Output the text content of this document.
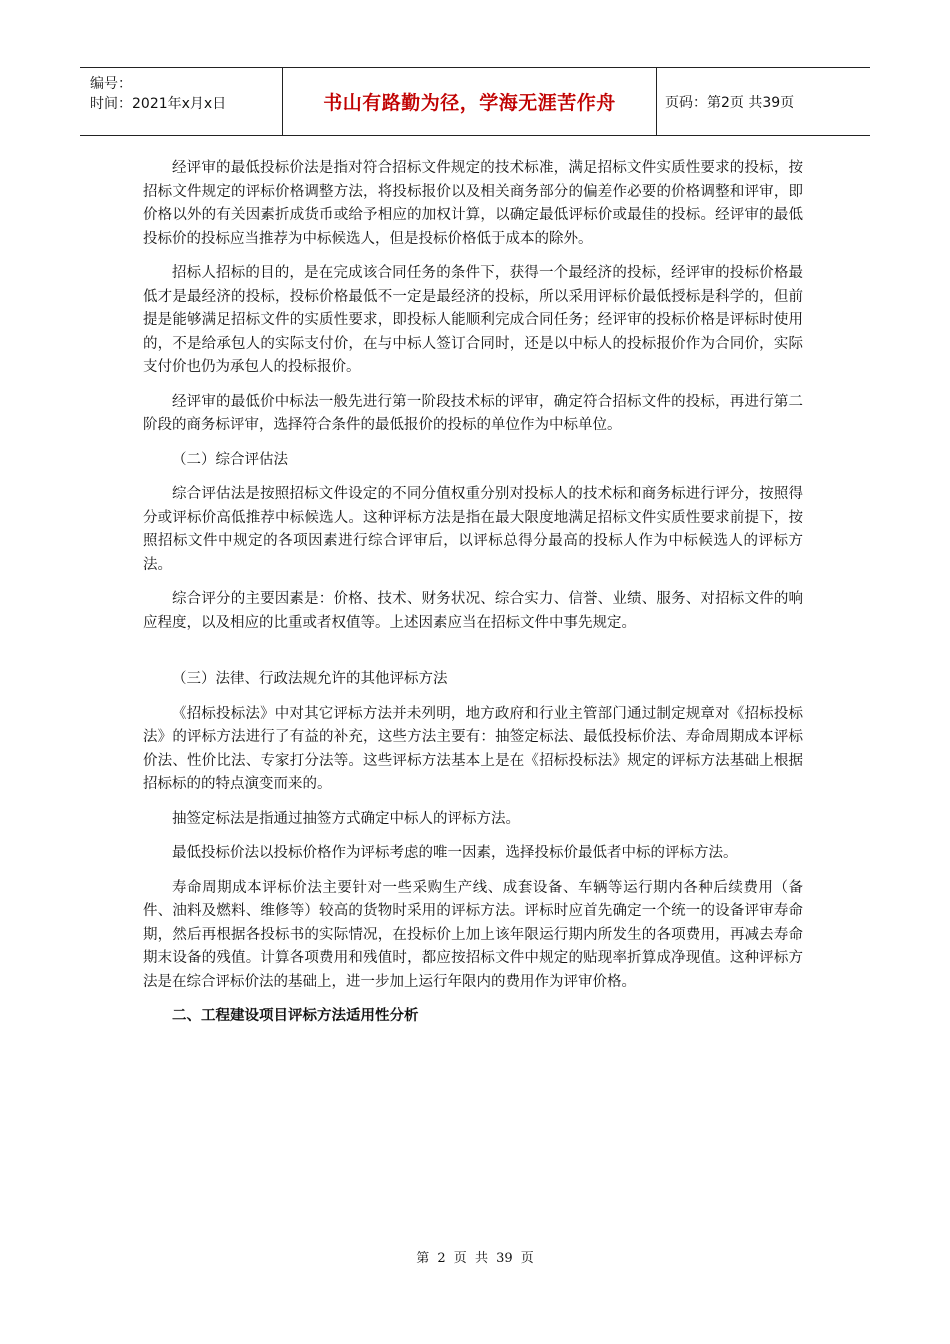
编号：
时间：2021年x月x日	书山有路勤为径，学海无涯苦作舟	页码：第2页 共39页

经评审的最低投标价法是指对符合招标文件规定的技术标准，满足招标文件实质性要求的投标，按招标文件规定的评标价格调整方法，将投标报价以及相关商务部分的偏差作必要的价格调整和评审，即价格以外的有关因素折成货币或给予相应的加权计算，以确定最低评标价或最佳的投标。经评审的最低投标价的投标应当推荐为中标候选人，但是投标价格低于成本的除外。

招标人招标的目的，是在完成该合同任务的条件下，获得一个最经济的投标，经评审的投标价格最低才是最经济的投标，投标价格最低不一定是最经济的投标，所以采用评标价最低授标是科学的，但前提是能够满足招标文件的实质性要求，即投标人能顺利完成合同任务；经评审的投标价格是评标时使用的，不是给承包人的实际支付价，在与中标人签订合同时，还是以中标人的投标报价作为合同价，实际支付价也仍为承包人的投标报价。

经评审的最低价中标法一般先进行第一阶段技术标的评审，确定符合招标文件的投标，再进行第二阶段的商务标评审，选择符合条件的最低报价的投标的单位作为中标单位。

（二）综合评估法

综合评估法是按照招标文件设定的不同分值权重分别对投标人的技术标和商务标进行评分，按照得分或评标价高低推荐中标候选人。这种评标方法是指在最大限度地满足招标文件实质性要求前提下，按照招标文件中规定的各项因素进行综合评审后，以评标总得分最高的投标人作为中标候选人的评标方法。

综合评分的主要因素是：价格、技术、财务状况、综合实力、信誉、业绩、服务、对招标文件的响应程度，以及相应的比重或者权值等。上述因素应当在招标文件中事先规定。

（三）法律、行政法规允许的其他评标方法

《招标投标法》中对其它评标方法并未列明，地方政府和行业主管部门通过制定规章对《招标投标法》的评标方法进行了有益的补充，这些方法主要有：抽签定标法、最低投标价法、寿命周期成本评标价法、性价比法、专家打分法等。这些评标方法基本上是在《招标投标法》规定的评标方法基础上根据招标标的的特点演变而来的。

抽签定标法是指通过抽签方式确定中标人的评标方法。

最低投标价法以投标价格作为评标考虑的唯一因素，选择投标价最低者中标的评标方法。

寿命周期成本评标价法主要针对一些采购生产线、成套设备、车辆等运行期内各种后续费用（备件、油料及燃料、维修等）较高的货物时采用的评标方法。评标时应首先确定一个统一的设备评审寿命期，然后再根据各投标书的实际情况，在投标价上加上该年限运行期内所发生的各项费用，再减去寿命期末设备的残值。计算各项费用和残值时，都应按招标文件中规定的贴现率折算成净现值。这种评标方法是在综合评标价法的基础上，进一步加上运行年限内的费用作为评审价格。

二、工程建设项目评标方法适用性分析

第 2 页 共 39 页
